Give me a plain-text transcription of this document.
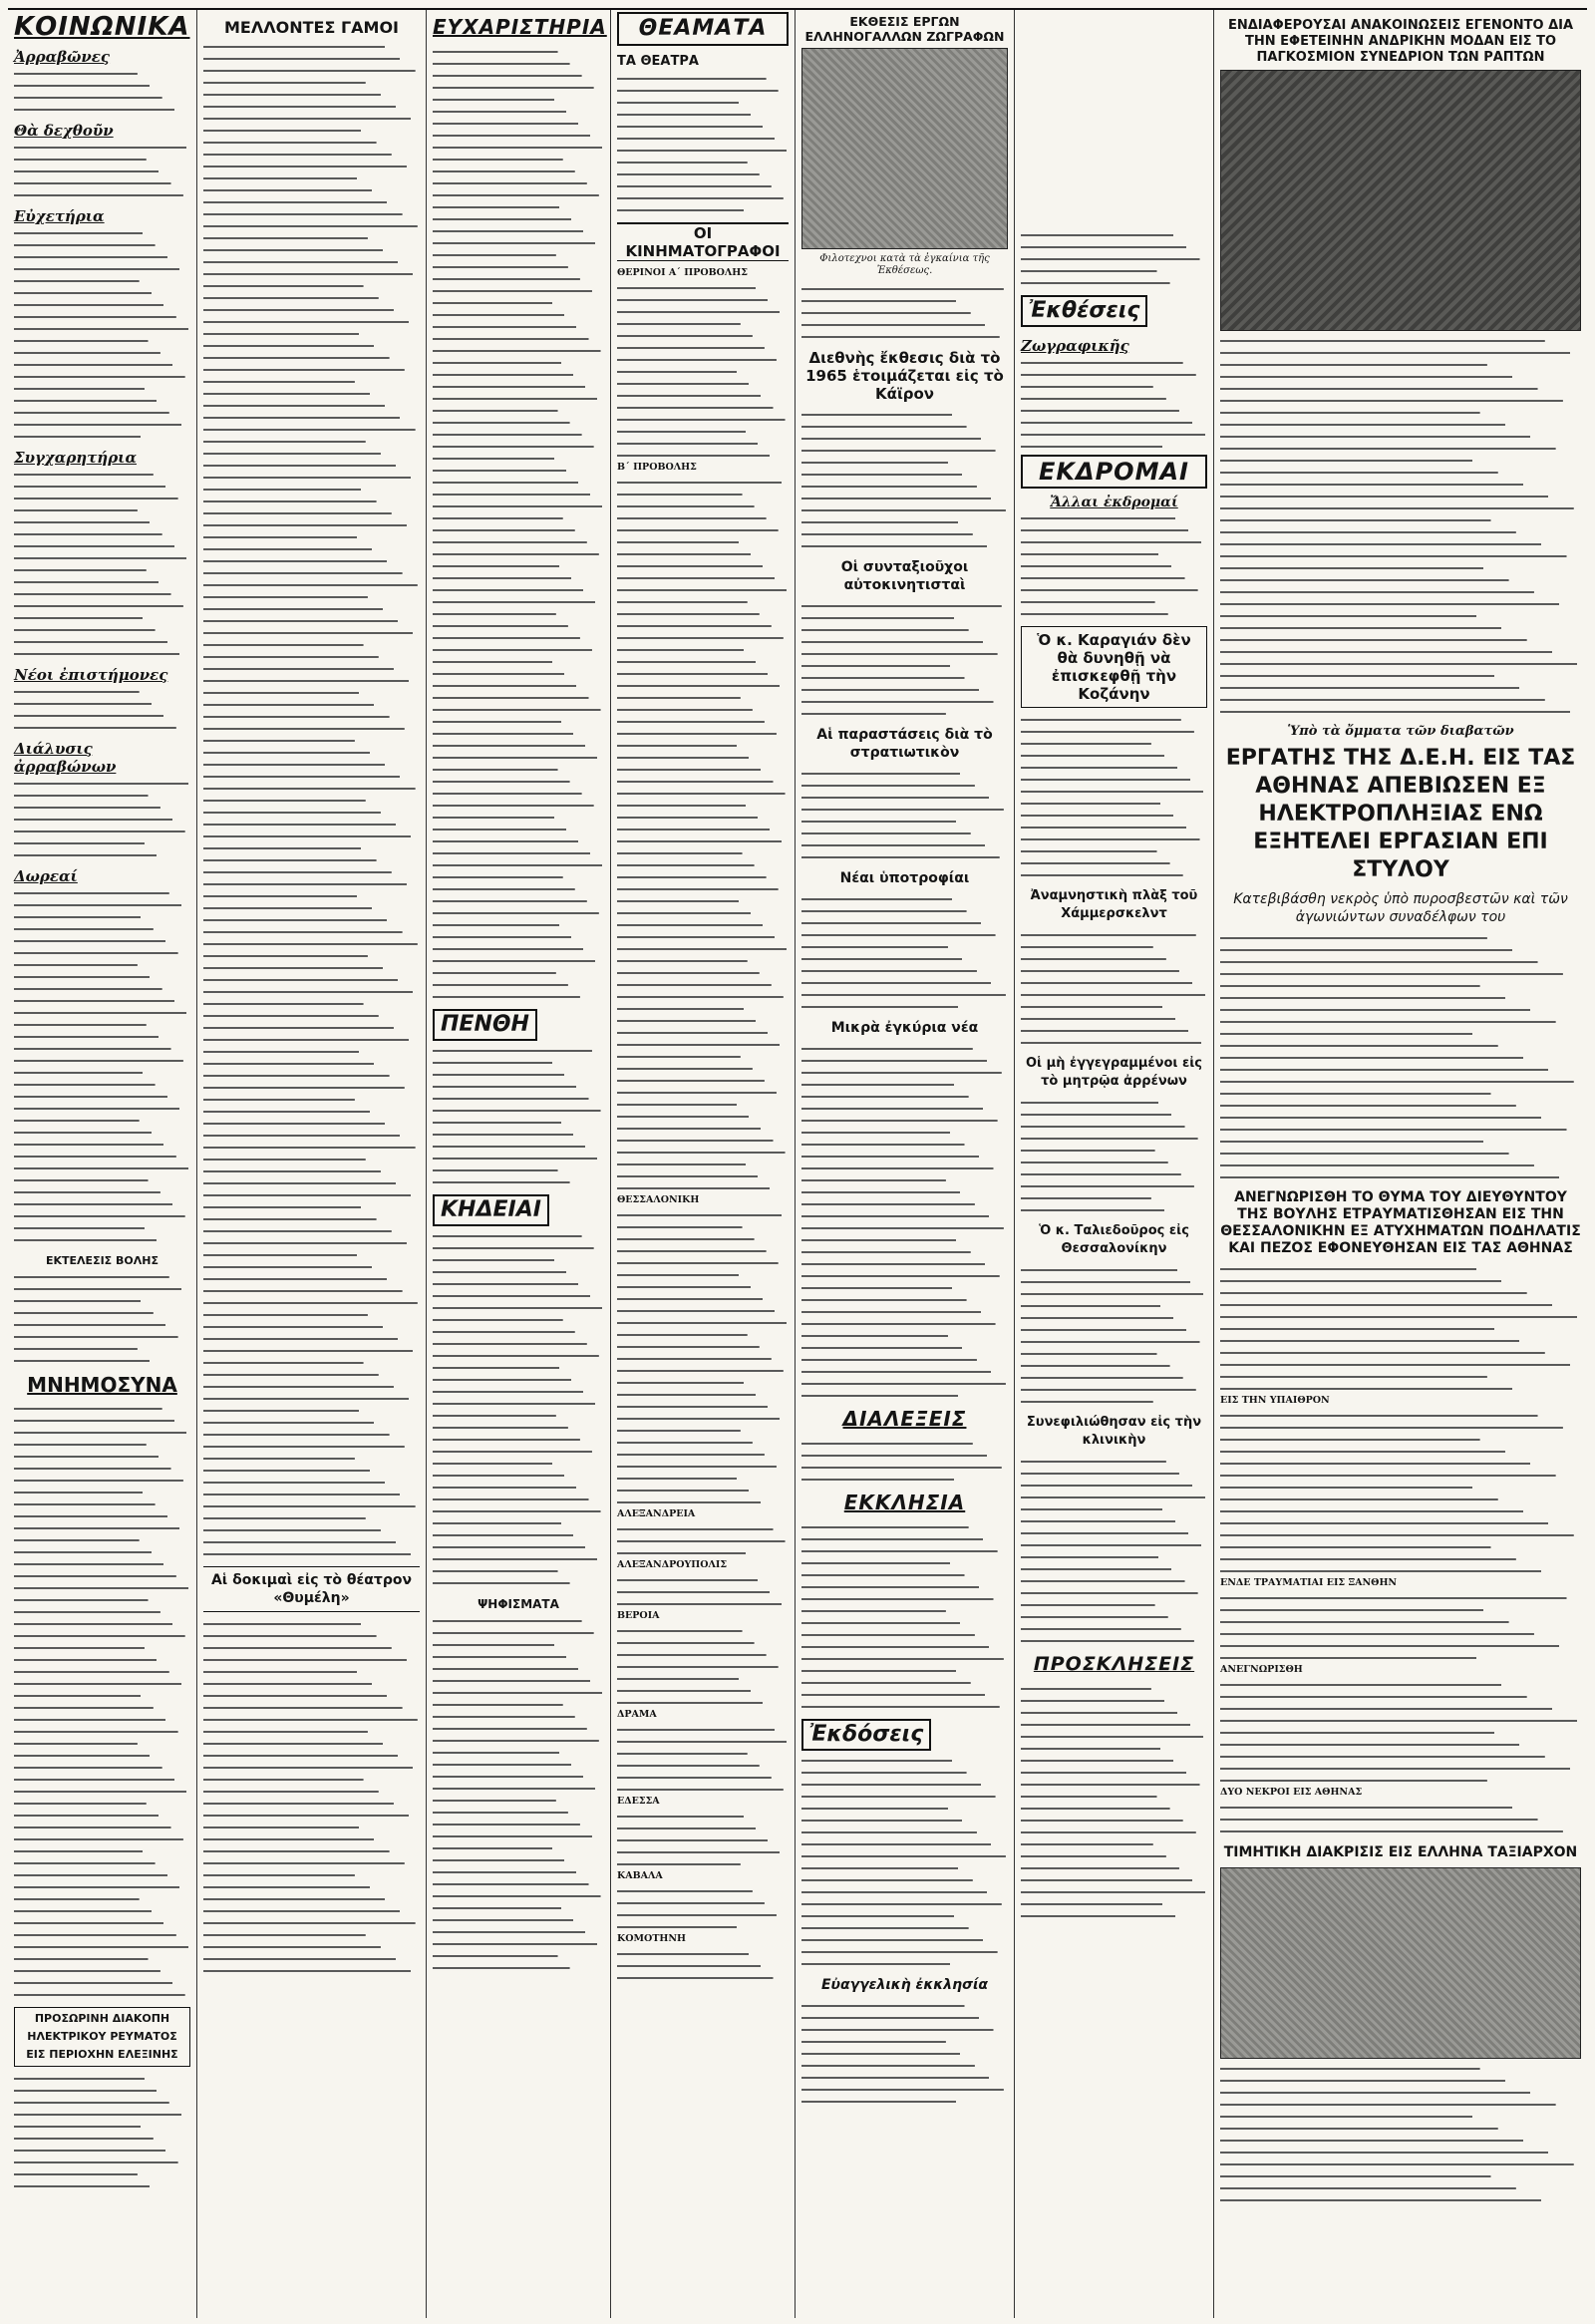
ΚΟΙΝΩΝΙΚΑ
Ἀρραβῶνες
Θὰ δεχθοῦν
Εὐχετήρια
Συγχαρητήρια
Νέοι ἐπιστήμονες
Διάλυσις ἀρραβώνων
Δωρεαί
ΕΚΤΕΛΕΣΙΣ ΒΟΛΗΣ
ΜΝΗΜΟΣΥΝΑ
ΠΡΟΣΩΡΙΝΗ ΔΙΑΚΟΠΗ ΗΛΕΚΤΡΙΚΟΥ ΡΕΥΜΑΤΟΣ ΕΙΣ ΠΕΡΙΟΧΗΝ ΕΛΕΞΙΝΗΣ
ΜΕΛΛΟΝΤΕΣ ΓΑΜΟΙ
Αἱ δοκιμαὶ εἰς τὸ θέατρον «Θυμέλη»
ΕΥΧΑΡΙΣΤΗΡΙΑ
ΠΕΝΘΗ
ΚΗΔΕΙΑΙ
ΨΗΦΙΣΜΑΤΑ
ΘΕΑΜΑΤΑ
ΤΑ ΘΕΑΤΡΑ
ΟΙ ΚΙΝΗΜΑΤΟΓΡΑΦΟΙ
ΘΕΡΙΝΟΙ Α΄ ΠΡΟΒΟΛΗΣ
Β΄ ΠΡΟΒΟΛΗΣ
ΘΕΣΣΑΛΟΝΙΚΗ
ΑΛΕΞΑΝΔΡΕΙΑ
ΑΛΕΞΑΝΔΡΟΥΠΟΛΙΣ
ΒΕΡΟΙΑ
ΔΡΑΜΑ
ΕΔΕΣΣΑ
ΚΑΒΑΛΑ
ΚΟΜΟΤΗΝΗ
ΕΚΘΕΣΙΣ ΕΡΓΩΝ ΕΛΛΗΝΟΓΑΛΛΩΝ ΖΩΓΡΑΦΩΝ
Φιλοτεχνοι κατὰ τὰ ἐγκαίνια τῆς Ἐκθέσεως.
Διεθνὴς ἔκθεσις διὰ τὸ 1965 ἑτοιμάζεται εἰς τὸ Κάϊρον
Οἱ συνταξιοῦχοι αὐτοκινητισταὶ
Αἱ παραστάσεις διὰ τὸ στρατιωτικὸν
Νέαι ὑποτροφίαι
Μικρὰ ἐγκύρια νέα
ΔΙΑΛΕΞΕΙΣ
ΕΚΚΛΗΣΙΑ
Ἐκδόσεις
Εὐαγγελικὴ ἐκκλησία
Ἐκθέσεις
Ζωγραφικῆς
ΕΚΔΡΟΜΑΙ
Ἄλλαι ἐκδρομαί
Ὁ κ. Καραγιάν δὲν θὰ δυνηθῇ νὰ ἐπισκεφθῇ τὴν Κοζάνην
Ἀναμνηστικὴ πλὰξ τοῦ Χάμμερσκελντ
Οἱ μὴ ἐγγεγραμμένοι εἰς τὸ μητρῷα ἀρρένων
Ὁ κ. Ταλιεδοῦρος εἰς Θεσσαλονίκην
Συνεφιλιώθησαν εἰς τὴν κλινικὴν
ΠΡΟΣΚΛΗΣΕΙΣ
ΕΝΔΙΑΦΕΡΟΥΣΑΙ ΑΝΑΚΟΙΝΩΣΕΙΣ ΕΓΕΝΟΝΤΟ ΔΙΑ ΤΗΝ ΕΦΕΤΕΙΝΗΝ ΑΝΔΡΙΚΗΝ ΜΟΔΑΝ ΕΙΣ ΤΟ ΠΑΓΚΟΣΜΙΟΝ ΣΥΝΕΔΡΙΟΝ ΤΩΝ ΡΑΠΤΩΝ
Ὑπὸ τὰ ὄμματα τῶν διαβατῶν
ΕΡΓΑΤΗΣ ΤΗΣ Δ.Ε.Η. ΕΙΣ ΤΑΣ ΑΘΗΝΑΣ ΑΠΕΒΙΩΣΕΝ ΕΞ ΗΛΕΚΤΡΟΠΛΗΞΙΑΣ ΕΝΩ ΕΞΗΤΕΛΕΙ ΕΡΓΑΣΙΑΝ ΕΠΙ ΣΤΥΛΟΥ
Κατεβιβάσθη νεκρὸς ὑπὸ πυροσβεστῶν καὶ τῶν ἀγωνιώντων συναδέλφων του
ΑΝΕΓΝΩΡΙΣΘΗ ΤΟ ΘΥΜΑ ΤΟΥ ΔΙΕΥΘΥΝΤΟΥ ΤΗΣ ΒΟΥΛΗΣ ΕΤΡΑΥΜΑΤΙΣΘΗΣΑΝ ΕΙΣ ΤΗΝ ΘΕΣΣΑΛΟΝΙΚΗΝ ΕΞ ΑΤΥΧΗΜΑΤΩΝ ΠΟΔΗΛΑΤΙΣ ΚΑΙ ΠΕΖΟΣ ΕΦΟΝΕΥΘΗΣΑΝ ΕΙΣ ΤΑΣ ΑΘΗΝΑΣ
ΕΙΣ ΤΗΝ ΥΠΑΙΘΡΟΝ
ΕΝΔΕ ΤΡΑΥΜΑΤΙΑΙ ΕΙΣ ΞΑΝΘΗΝ
ΑΝΕΓΝΩΡΙΣΘΗ
ΔΥΟ ΝΕΚΡΟΙ ΕΙΣ ΑΘΗΝΑΣ
ΤΙΜΗΤΙΚΗ ΔΙΑΚΡΙΣΙΣ ΕΙΣ ΕΛΛΗΝΑ ΤΑΞΙΑΡΧΟΝ
